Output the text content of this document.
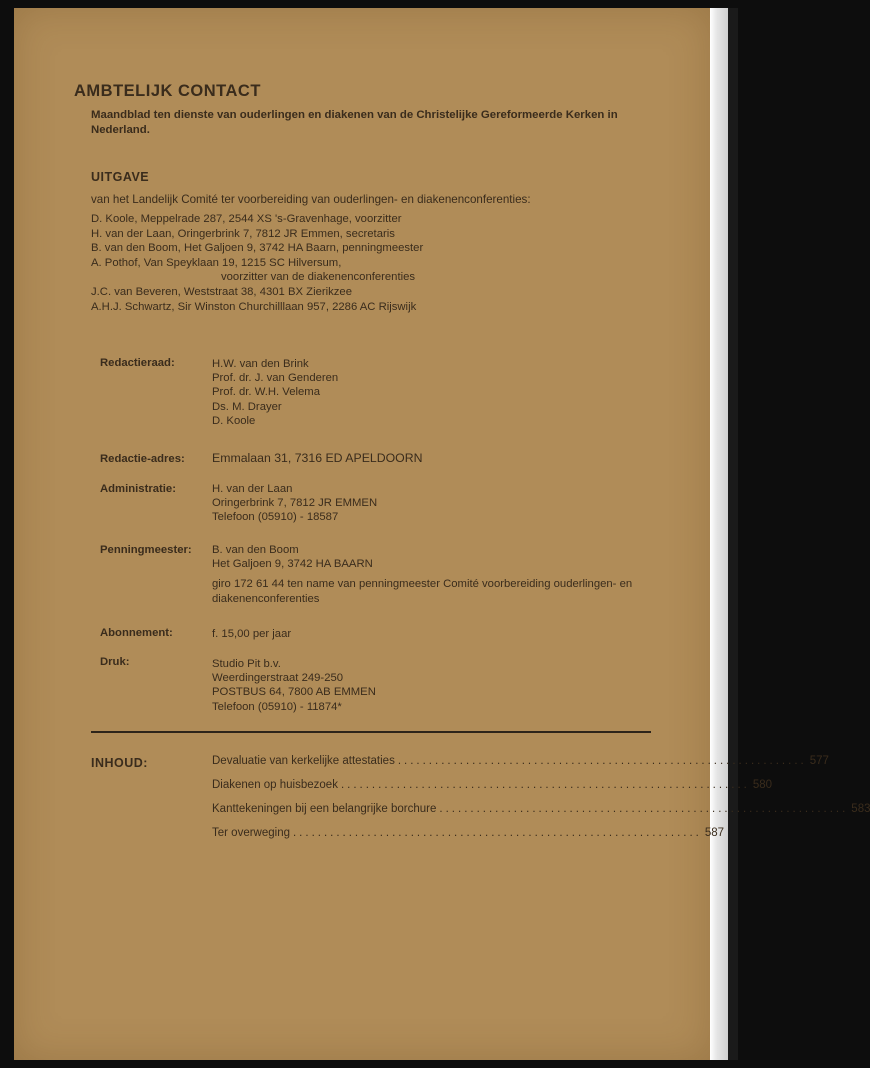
AMBTELIJK CONTACT
Maandblad ten dienste van ouderlingen en diakenen van de Christelijke Gereformeerde Kerken in Nederland.
UITGAVE
van het Landelijk Comité ter voorbereiding van ouderlingen- en diakenenconferenties:
D. Koole, Meppelrade 287, 2544 XS 's-Gravenhage, voorzitter
H. van der Laan, Oringerbrink 7, 7812 JR Emmen, secretaris
B. van den Boom, Het Galjoen 9, 3742 HA Baarn, penningmeester
A. Pothof, Van Speyklaan 19, 1215 SC Hilversum,
voorzitter van de diakenenconferenties
J.C. van Beveren, Weststraat 38, 4301 BX Zierikzee
A.H.J. Schwartz, Sir Winston Churchilllaan 957, 2286 AC Rijswijk
Redactieraad:	H.W. van den Brink
Prof. dr. J. van Genderen
Prof. dr. W.H. Velema
Ds. M. Drayer
D. Koole
Redactie-adres: Emmalaan 31, 7316 ED APELDOORN
Administratie:	H. van der Laan
Oringerbrink 7, 7812 JR EMMEN
Telefoon (05910) - 18587
Penningmeester: B. van den Boom
Het Galjoen 9, 3742 HA BAARN
giro 172 61 44 ten name van penningmeester Comité voorbereiding ouderlingen- en diakenenconferenties
Abonnement:	f. 15,00 per jaar
Druk:	Studio Pit b.v.
Weerdingerstraat 249-250
POSTBUS 64, 7800 AB EMMEN
Telefoon (05910) - 11874*
INHOUD:	Devaluatie van kerkelijke attestaties .................................................................. 577
Diakenen op huisbezoek .................................................................. 580
Kanttekeningen bij een belangrijke borchure .................................................................. 583
Ter overweging .................................................................. 587
